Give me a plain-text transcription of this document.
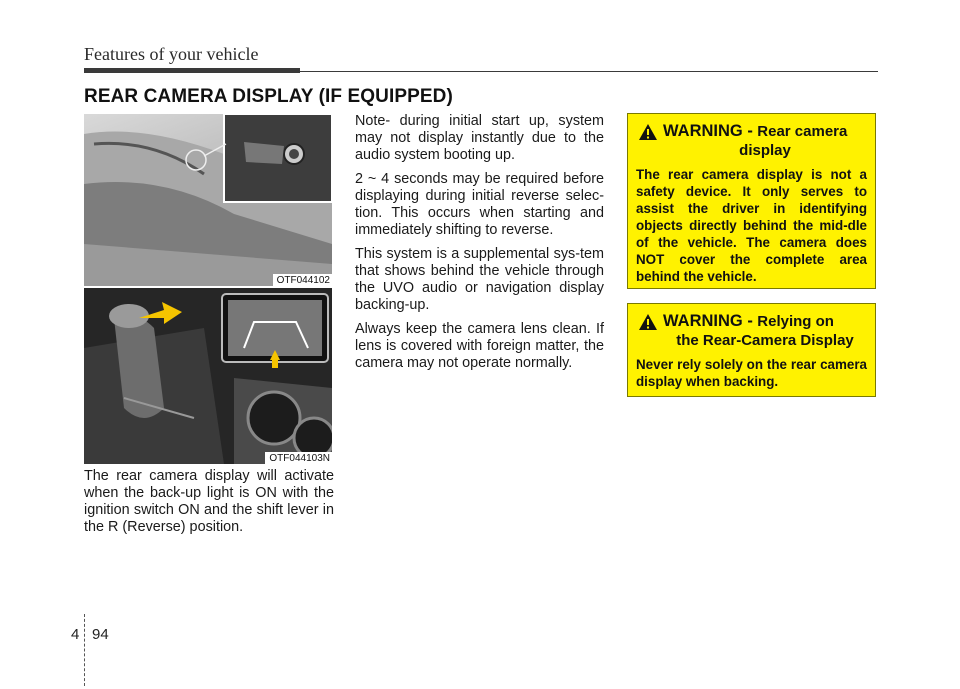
Features of your vehicle
REAR CAMERA DISPLAY (IF EQUIPPED)
OTF044102
OTF044103N

The rear camera display will activate when the back-up light is ON with the ignition switch ON and the shift lever in the R (Reverse) position.

Note- during initial start up, system may not display instantly due to the audio system booting up.

2 ~ 4 seconds may be required before displaying during initial reverse selec-tion. This occurs when starting and immediately shifting to reverse.

This system is a supplemental sys-tem that shows behind the vehicle through the UVO audio or navigation display backing-up.

Always keep the camera lens clean. If lens is covered with foreign matter, the camera may not operate normally.

WARNING - Rear camera
display
The rear camera display is not a safety device. It only serves to assist the driver in identifying objects directly behind the mid-dle of the vehicle. The camera does NOT cover the complete area behind the vehicle.
WARNING - Relying on
the Rear-Camera Display
Never rely solely on the rear camera display when backing.
4 94
